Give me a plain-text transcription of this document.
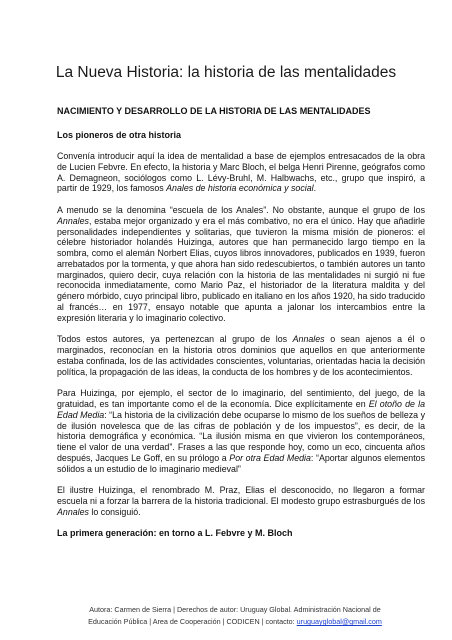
La Nueva Historia: la historia de las mentalidades
NACIMIENTO Y DESARROLLO DE LA HISTORIA DE LAS MENTALIDADES
Los pioneros de otra historia

Convenía introducir aquí la idea de mentalidad a base de ejemplos entresacados de la obra de Lucien Febvre. En efecto, la historia y Marc Bloch, el belga Henri Pirenne, geógrafos como A. Demagneon, sociólogos como L. Lévy-Bruhl, M. Halbwachs, etc., grupo que inspiró, a partir de 1929, los famosos Anales de historia económica y social.

A menudo se la denomina “escuela de los Anales”. No obstante, aunque el grupo de los Annales, estaba mejor organizado y era el más combativo, no era el único. Hay que añadirle personalidades independientes y solitarias, que tuvieron la misma misión de pioneros: el célebre historiador holandés Huizinga, autores que han permanecido largo tiempo en la sombra, como el alemán Norbert Elias, cuyos libros innovadores, publicados en 1939, fueron arrebatados por la tormenta, y que ahora han sido redescubiertos, o también autores un tanto marginados, quiero decir, cuya relación con la historia de las mentalidades ni surgió ni fue reconocida inmediatamente, como Mario Paz, el historiador de la literatura maldita y del género mórbido, cuyo principal libro, publicado en italiano en los años 1920, ha sido traducido al francés… en 1977, ensayo notable que apunta a jalonar los intercambios entre la expresión literaria y lo imaginario colectivo.

Todos estos autores, ya pertenezcan al grupo de los Annales o sean ajenos a él o marginados, reconocían en la historia otros dominios que aquellos en que anteriormente estaba confinada, los de las actividades conscientes, voluntarias, orientadas hacia la decisión política, la propagación de las ideas, la conducta de los hombres y de los acontecimientos.

Para Huizinga, por ejemplo, el sector de lo imaginario, del sentimiento, del juego, de la gratuidad, es tan importante como el de la economía. Dice explícitamente en El otoño de la Edad Media: “La historia de la civilización debe ocuparse lo mismo de los sueños de belleza y de ilusión novelesca que de las cifras de población y de los impuestos”, es decir, de la historia demográfica y económica. “La ilusión misma en que vivieron los contemporáneos, tiene el valor de una verdad”. Frases a las que responde hoy, como un eco, cincuenta años después, Jacques Le Goff, en su prólogo a Por otra Edad Media: “Aportar algunos elementos sólidos a un estudio de lo imaginario medieval”

El ilustre Huizinga, el renombrado M. Praz, Elias el desconocido, no llegaron a formar escuela ni a forzar la barrera de la historia tradicional. El modesto grupo estrasburgués de los Annales lo consiguió.

La primera generación: en torno a L. Febvre y M. Bloch
Autora: Carmen de Sierra | Derechos de autor: Uruguay Global. Administración Nacional de
Educación Pública | Area de Cooperación | CODICEN | contacto: uruguayglobal@gmail.com
